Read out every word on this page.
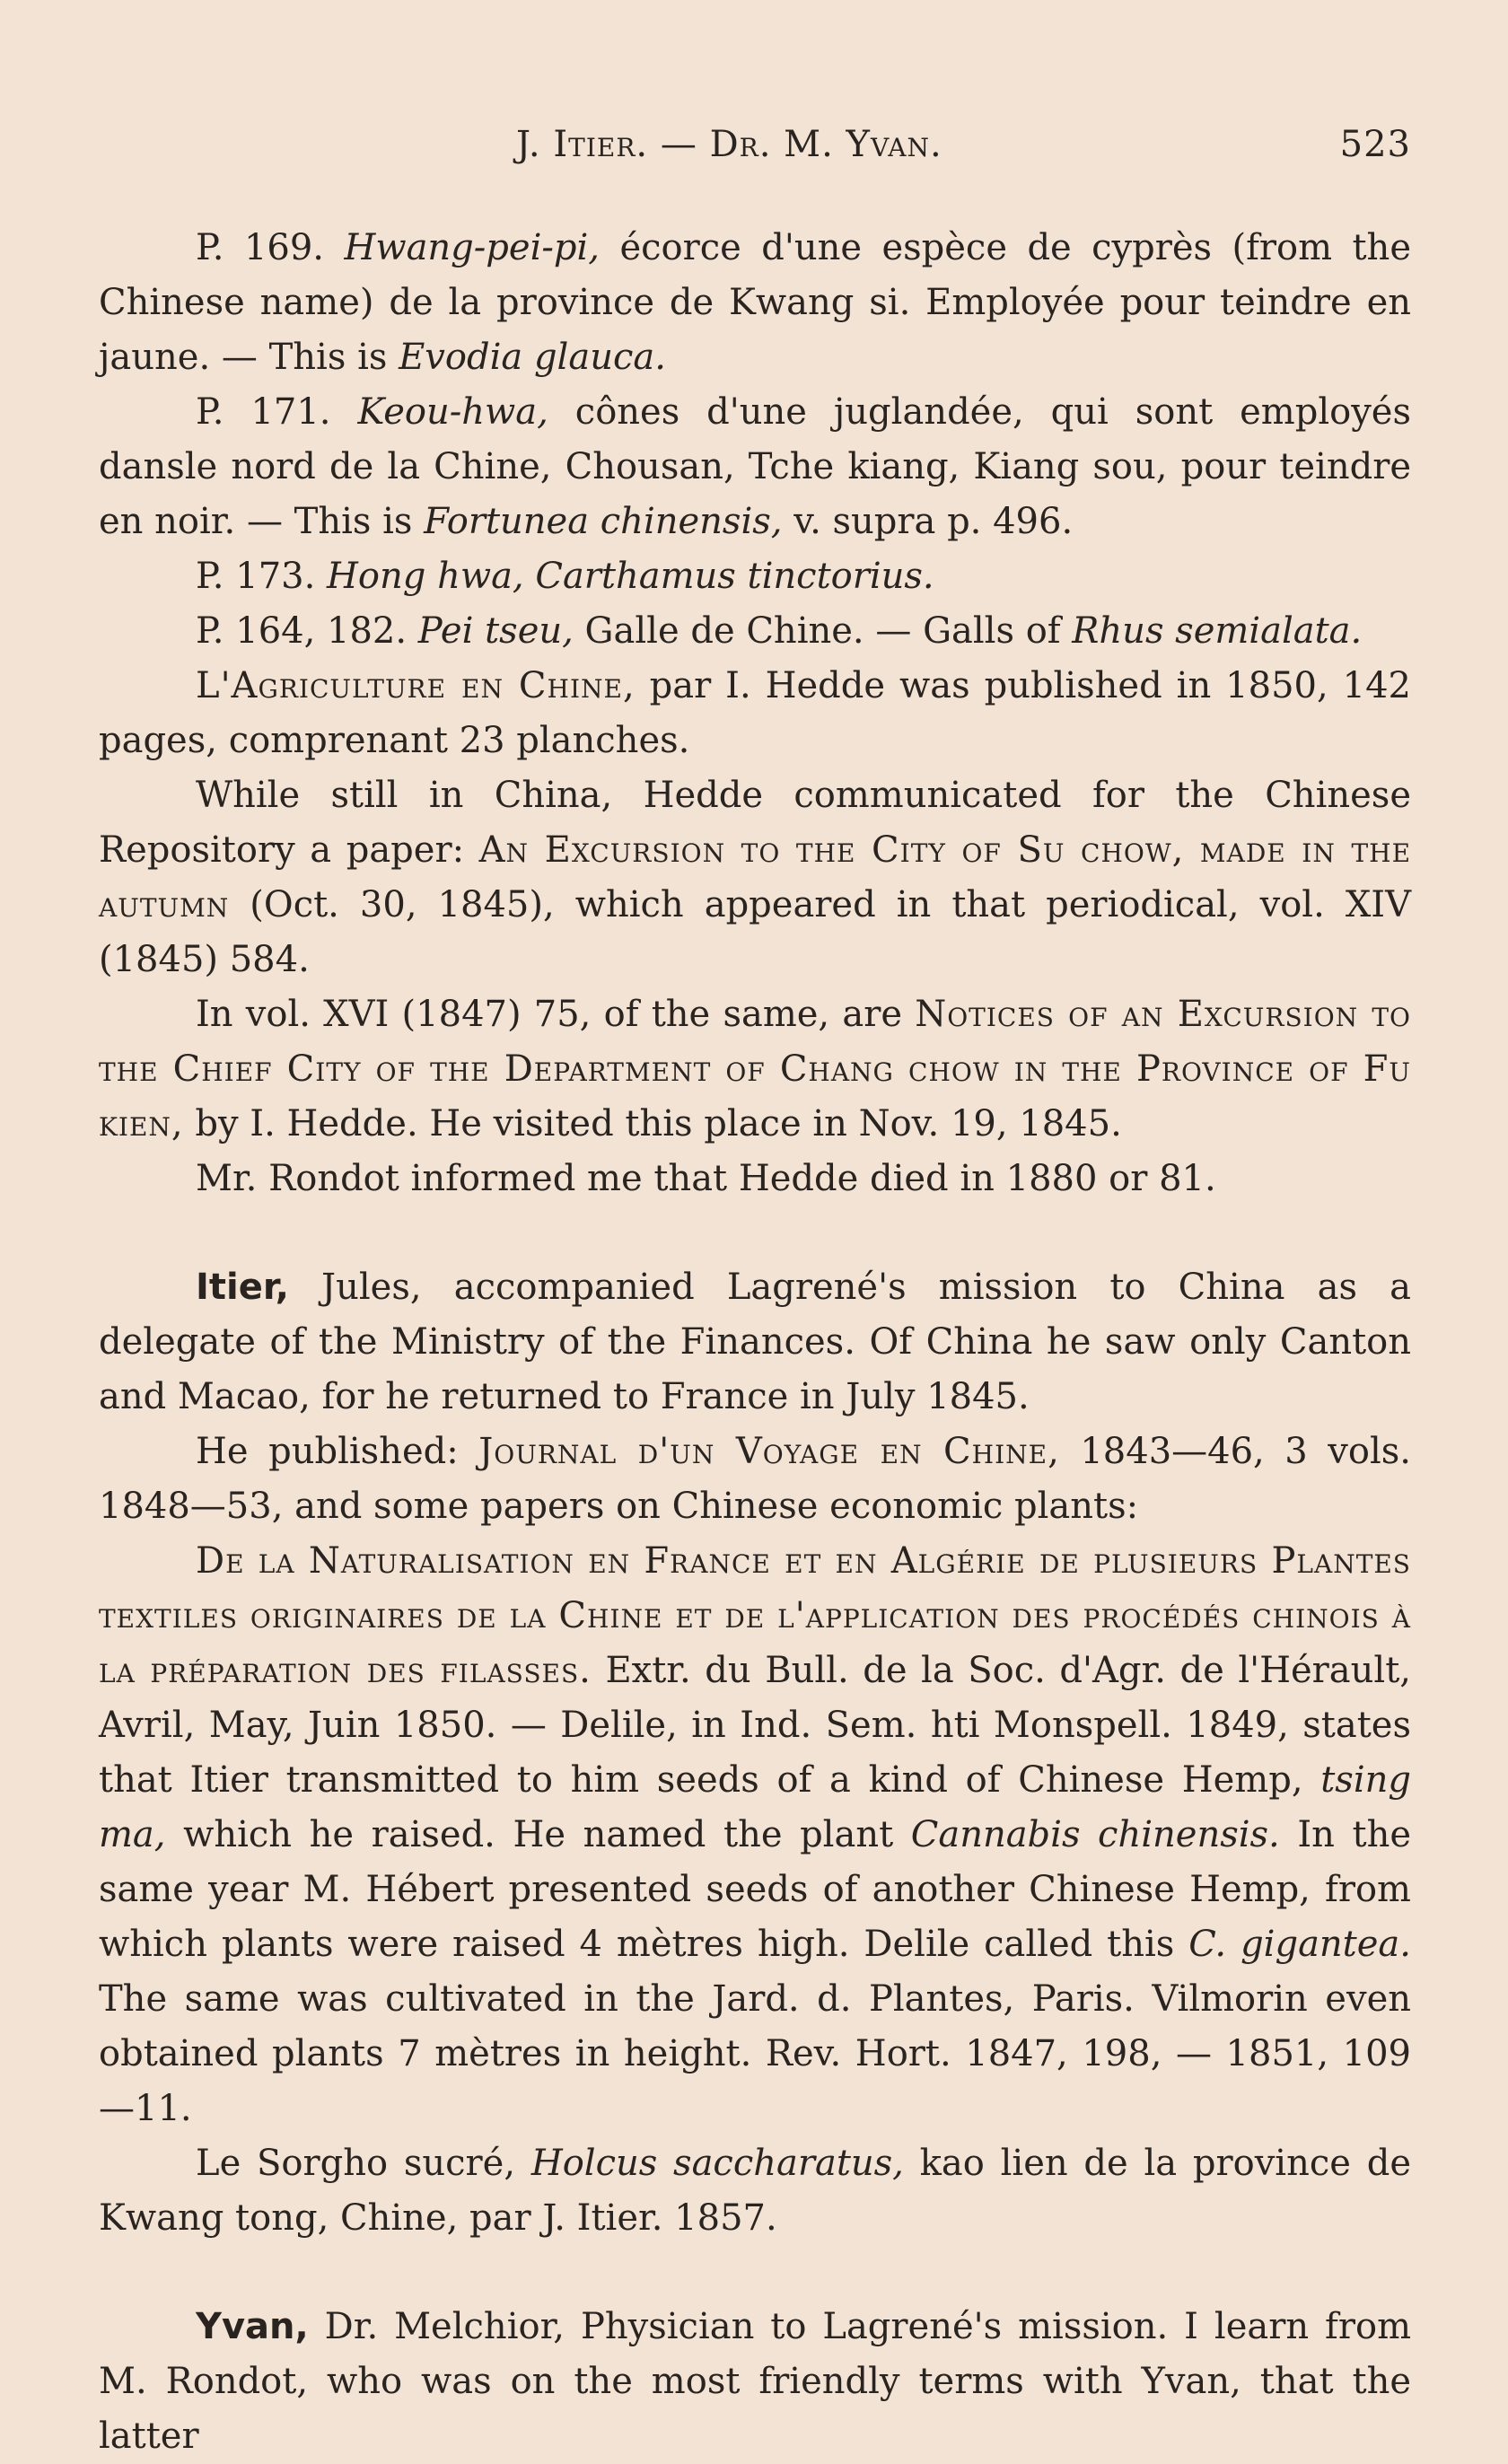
J. Itier. — Dr. M. Yvan.	523

P. 169. Hwang-pei-pi, écorce d'une espèce de cyprès (from the Chinese name) de la province de Kwang si. Employée pour teindre en jaune. — This is Evodia glauca.

P. 171. Keou-hwa, cônes d'une juglandée, qui sont employés dansle nord de la Chine, Chousan, Tche kiang, Kiang sou, pour teindre en noir. — This is Fortunea chinensis, v. supra p. 496.

P. 173. Hong hwa, Carthamus tinctorius.

P. 164, 182. Pei tseu, Galle de Chine. — Galls of Rhus semialata.

L'Agriculture en Chine, par I. Hedde was published in 1850, 142 pages, comprenant 23 planches.

While still in China, Hedde communicated for the Chinese Repository a paper: An Excursion to the City of Su chow, made in the autumn (Oct. 30, 1845), which appeared in that periodical, vol. XIV (1845) 584.

In vol. XVI (1847) 75, of the same, are Notices of an Excursion to the Chief City of the Department of Chang chow in the Province of Fu kien, by I. Hedde. He visited this place in Nov. 19, 1845.

Mr. Rondot informed me that Hedde died in 1880 or 81.

Itier, Jules, accompanied Lagrené's mission to China as a delegate of the Ministry of the Finances. Of China he saw only Canton and Macao, for he returned to France in July 1845.

He published: Journal d'un Voyage en Chine, 1843—46, 3 vols. 1848—53, and some papers on Chinese economic plants:

De la Naturalisation en France et en Algérie de plusieurs Plantes textiles originaires de la Chine et de l'application des procédés chinois à la préparation des filasses. Extr. du Bull. de la Soc. d'Agr. de l'Hérault, Avril, May, Juin 1850. — Delile, in Ind. Sem. hti Monspell. 1849, states that Itier transmitted to him seeds of a kind of Chinese Hemp, tsing ma, which he raised. He named the plant Cannabis chinensis. In the same year M. Hébert presented seeds of another Chinese Hemp, from which plants were raised 4 mètres high. Delile called this C. gigantea. The same was cultivated in the Jard. d. Plantes, Paris. Vilmorin even obtained plants 7 mètres in height. Rev. Hort. 1847, 198, — 1851, 109—11.

Le Sorgho sucré, Holcus saccharatus, kao lien de la province de Kwang tong, Chine, par J. Itier. 1857.

Yvan, Dr. Melchior, Physician to Lagrené's mission. I learn from M. Rondot, who was on the most friendly terms with Yvan, that the latter
